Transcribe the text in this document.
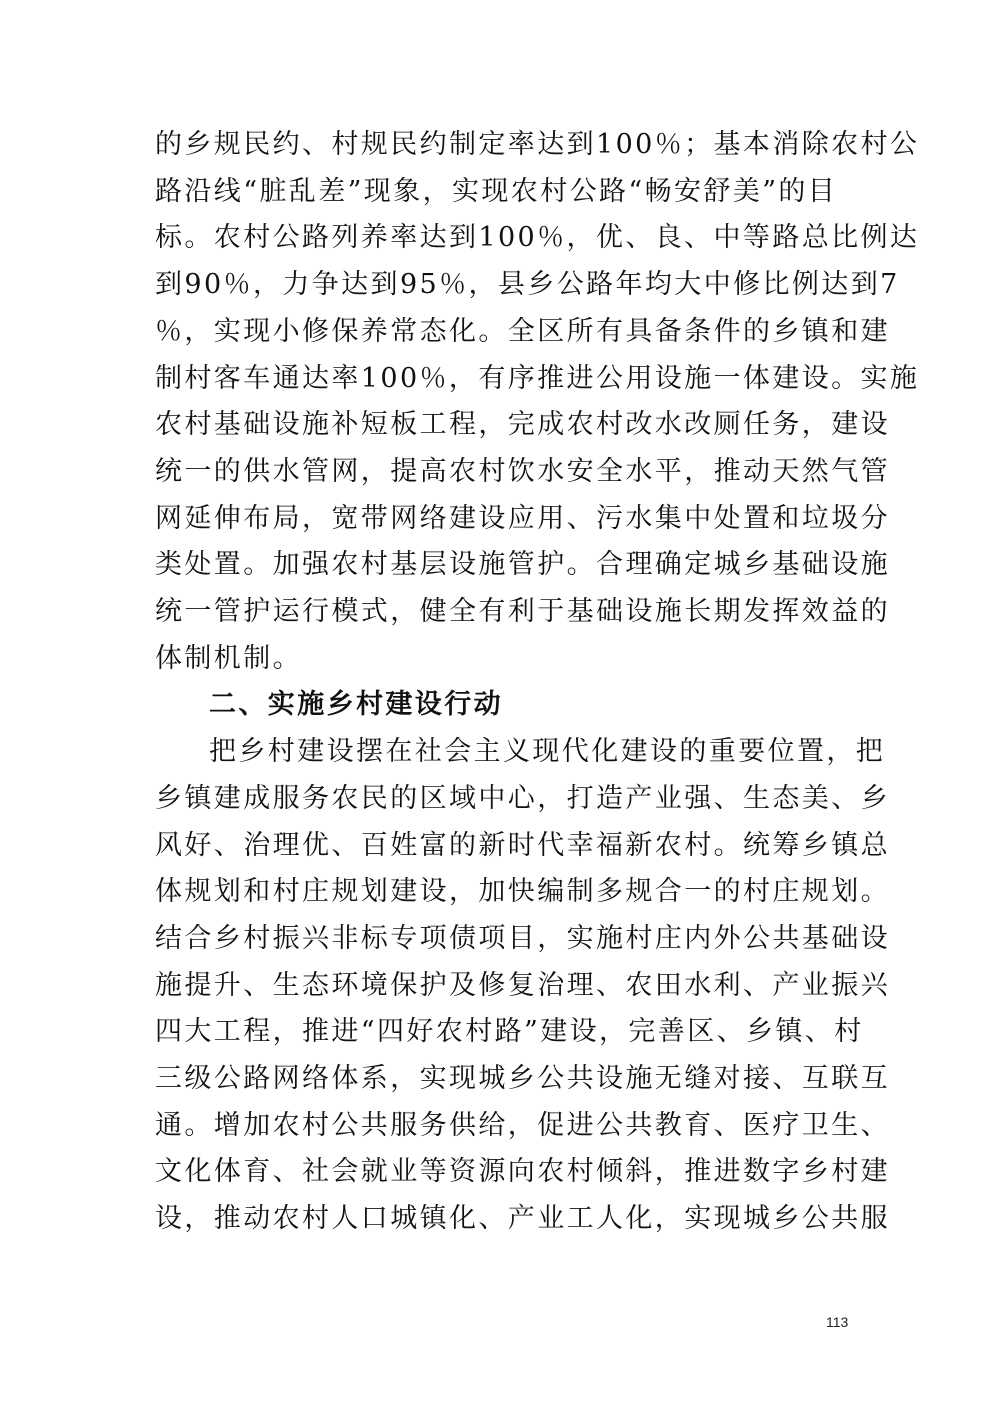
的乡规民约、村规民约制定率达到100％；基本消除农村公
路沿线“脏乱差”现象，实现农村公路“畅安舒美”的目
标。农村公路列养率达到100％，优、良、中等路总比例达
到90％，力争达到95％，县乡公路年均大中修比例达到7
％，实现小修保养常态化。全区所有具备条件的乡镇和建
制村客车通达率100％，有序推进公用设施一体建设。实施
农村基础设施补短板工程，完成农村改水改厕任务，建设
统一的供水管网，提高农村饮水安全水平，推动天然气管
网延伸布局，宽带网络建设应用、污水集中处置和垃圾分
类处置。加强农村基层设施管护。合理确定城乡基础设施
统一管护运行模式，健全有利于基础设施长期发挥效益的
体制机制。
二、实施乡村建设行动
把乡村建设摆在社会主义现代化建设的重要位置，把
乡镇建成服务农民的区域中心，打造产业强、生态美、乡
风好、治理优、百姓富的新时代幸福新农村。统筹乡镇总
体规划和村庄规划建设，加快编制多规合一的村庄规划。
结合乡村振兴非标专项债项目，实施村庄内外公共基础设
施提升、生态环境保护及修复治理、农田水利、产业振兴
四大工程，推进“四好农村路”建设，完善区、乡镇、村
三级公路网络体系，实现城乡公共设施无缝对接、互联互
通。增加农村公共服务供给，促进公共教育、医疗卫生、
文化体育、社会就业等资源向农村倾斜，推进数字乡村建
设，推动农村人口城镇化、产业工人化，实现城乡公共服
113
